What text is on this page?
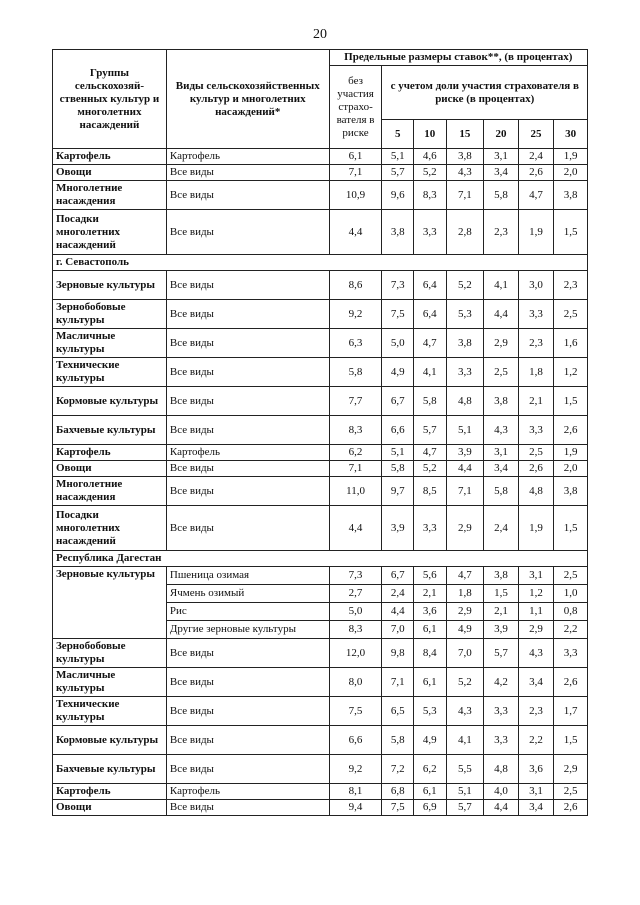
20
Группы сельскохозяй-ственных культур и многолетних насаждений	Виды сельскохозяйственных культур и многолетних насаждений*	Предельные размеры ставок**, (в процентах)						
		без участия страхо-вателя в риске	с учетом доли участия страхователя в риске (в процентах)					
			5	10	15	20	25	30
Картофель	Картофель	6,1	5,1	4,6	3,8	3,1	2,4	1,9
Овощи	Все виды	7,1	5,7	5,2	4,3	3,4	2,6	2,0
Многолетние насаждения	Все виды	10,9	9,6	8,3	7,1	5,8	4,7	3,8
Посадки многолетних насаждений	Все виды	4,4	3,8	3,3	2,8	2,3	1,9	1,5
г. Севастополь								
Зерновые культуры	Все виды	8,6	7,3	6,4	5,2	4,1	3,0	2,3
Зернобобовые культуры	Все виды	9,2	7,5	6,4	5,3	4,4	3,3	2,5
Масличные культуры	Все виды	6,3	5,0	4,7	3,8	2,9	2,3	1,6
Технические культуры	Все виды	5,8	4,9	4,1	3,3	2,5	1,8	1,2
Кормовые культуры	Все виды	7,7	6,7	5,8	4,8	3,8	2,1	1,5
Бахчевые культуры	Все виды	8,3	6,6	5,7	5,1	4,3	3,3	2,6
Картофель	Картофель	6,2	5,1	4,7	3,9	3,1	2,5	1,9
Овощи	Все виды	7,1	5,8	5,2	4,4	3,4	2,6	2,0
Многолетние насаждения	Все виды	11,0	9,7	8,5	7,1	5,8	4,8	3,8
Посадки многолетних насаждений	Все виды	4,4	3,9	3,3	2,9	2,4	1,9	1,5
Республика Дагестан								
Зерновые культуры	Пшеница озимая	7,3	6,7	5,6	4,7	3,8	3,1	2,5
	Ячмень озимый	2,7	2,4	2,1	1,8	1,5	1,2	1,0
	Рис	5,0	4,4	3,6	2,9	2,1	1,1	0,8
	Другие зерновые культуры	8,3	7,0	6,1	4,9	3,9	2,9	2,2
Зернобобовые культуры	Все виды	12,0	9,8	8,4	7,0	5,7	4,3	3,3
Масличные культуры	Все виды	8,0	7,1	6,1	5,2	4,2	3,4	2,6
Технические культуры	Все виды	7,5	6,5	5,3	4,3	3,3	2,3	1,7
Кормовые культуры	Все виды	6,6	5,8	4,9	4,1	3,3	2,2	1,5
Бахчевые культуры	Все виды	9,2	7,2	6,2	5,5	4,8	3,6	2,9
Картофель	Картофель	8,1	6,8	6,1	5,1	4,0	3,1	2,5
Овощи	Все виды	9,4	7,5	6,9	5,7	4,4	3,4	2,6
